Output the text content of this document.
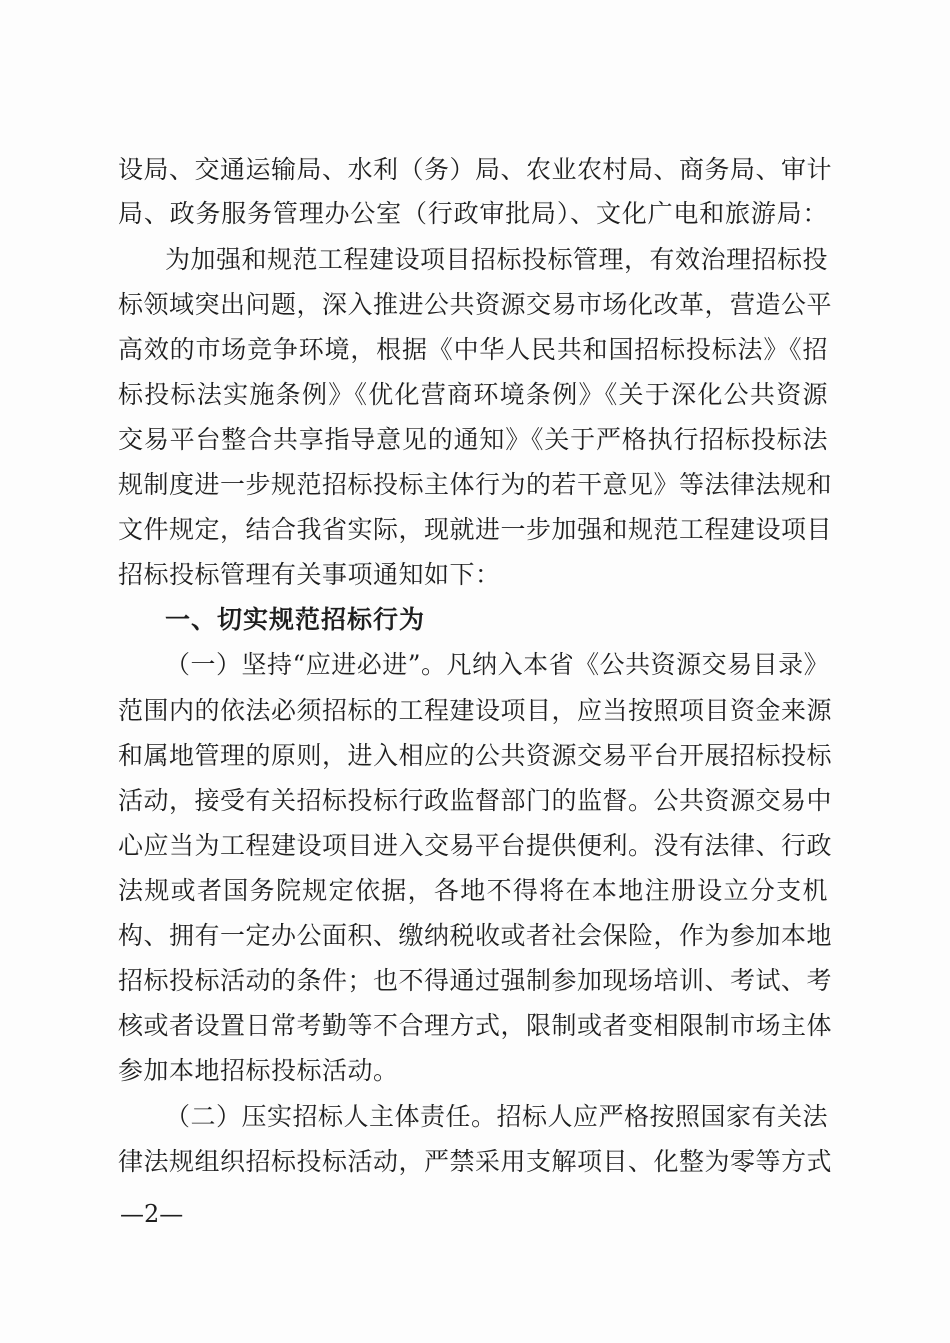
设局、交通运输局、水利（务）局、农业农村局、商务局、审计
局、政务服务管理办公室（行政审批局）、文化广电和旅游局：
为加强和规范工程建设项目招标投标管理，有效治理招标投
标领域突出问题，深入推进公共资源交易市场化改革，营造公平
高效的市场竞争环境，根据《中华人民共和国招标投标法》《招
标投标法实施条例》《优化营商环境条例》《关于深化公共资源
交易平台整合共享指导意见的通知》《关于严格执行招标投标法
规制度进一步规范招标投标主体行为的若干意见》等法律法规和
文件规定，结合我省实际，现就进一步加强和规范工程建设项目
招标投标管理有关事项通知如下：
一、切实规范招标行为
（一）坚持“应进必进”。凡纳入本省《公共资源交易目录》
范围内的依法必须招标的工程建设项目，应当按照项目资金来源
和属地管理的原则，进入相应的公共资源交易平台开展招标投标
活动，接受有关招标投标行政监督部门的监督。公共资源交易中
心应当为工程建设项目进入交易平台提供便利。没有法律、行政
法规或者国务院规定依据，各地不得将在本地注册设立分支机
构、拥有一定办公面积、缴纳税收或者社会保险，作为参加本地
招标投标活动的条件；也不得通过强制参加现场培训、考试、考
核或者设置日常考勤等不合理方式，限制或者变相限制市场主体
参加本地招标投标活动。
（二）压实招标人主体责任。招标人应严格按照国家有关法
律法规组织招标投标活动，严禁采用支解项目、化整为零等方式
—2—
